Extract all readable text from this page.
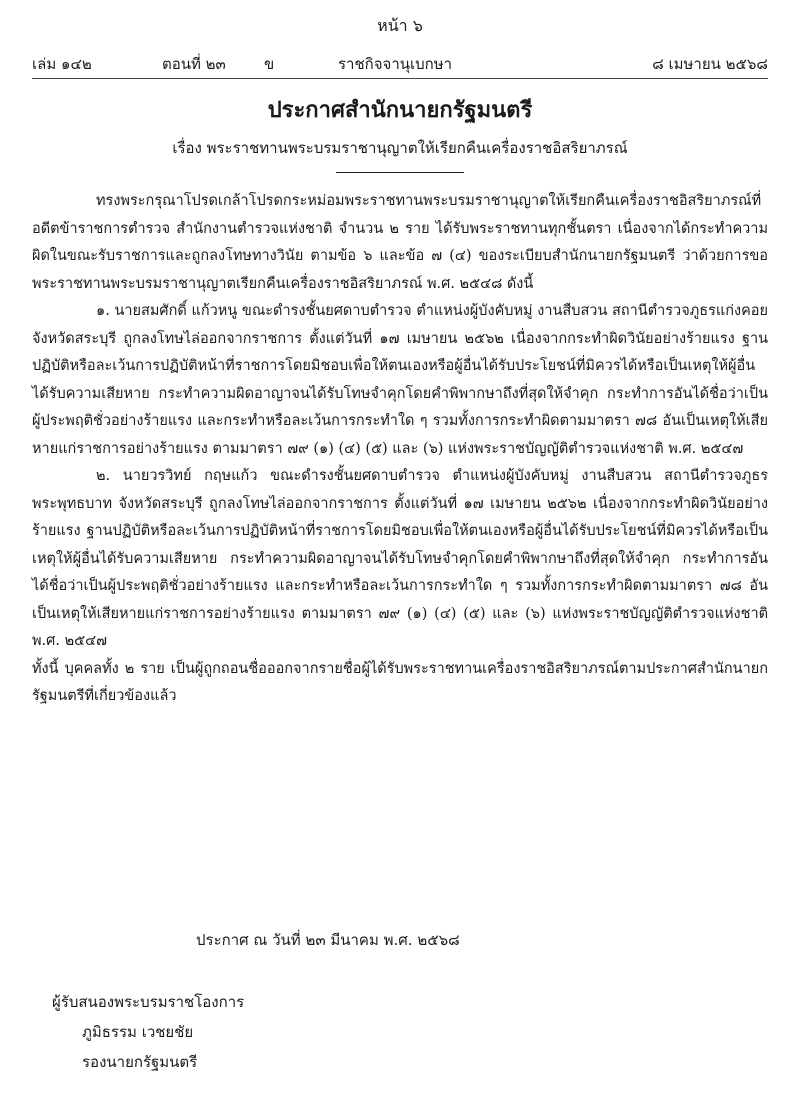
หน้า ๖
เล่ม ๑๔๒	ตอนที่ ๒๓	ข	ราชกิจจานุเบกษา	๘ เมษายน ๒๕๖๘
ประกาศสำนักนายกรัฐมนตรี
เรื่อง พระราชทานพระบรมราชานุญาตให้เรียกคืนเครื่องราชอิสริยาภรณ์

ทรงพระกรุณาโปรดเกล้าโปรดกระหม่อมพระราชทานพระบรมราชานุญาตให้เรียกคืนเครื่องราชอิสริยาภรณ์ที่อดีตข้าราชการตำรวจ สำนักงานตำรวจแห่งชาติ จำนวน ๒ ราย ได้รับพระราชทานทุกชั้นตรา เนื่องจากได้กระทำความผิดในขณะรับราชการและถูกลงโทษทางวินัย ตามข้อ ๖ และข้อ ๗ (๔) ของระเบียบสำนักนายกรัฐมนตรี ว่าด้วยการขอพระราชทานพระบรมราชานุญาตเรียกคืนเครื่องราชอิสริยาภรณ์ พ.ศ. ๒๕๔๘ ดังนี้

๑. นายสมศักดิ์ แก้วหนู ขณะดำรงชั้นยศดาบตำรวจ ตำแหน่งผู้บังคับหมู่ งานสืบสวน สถานีตำรวจภูธรแก่งคอย จังหวัดสระบุรี ถูกลงโทษไล่ออกจากราชการ ตั้งแต่วันที่ ๑๗ เมษายน ๒๕๖๒ เนื่องจากกระทำผิดวินัยอย่างร้ายแรง ฐานปฏิบัติหรือละเว้นการปฏิบัติหน้าที่ราชการโดยมิชอบเพื่อให้ตนเองหรือผู้อื่นได้รับประโยชน์ที่มิควรได้หรือเป็นเหตุให้ผู้อื่นได้รับความเสียหาย กระทำความผิดอาญาจนได้รับโทษจำคุกโดยคำพิพากษาถึงที่สุดให้จำคุก กระทำการอันได้ชื่อว่าเป็นผู้ประพฤติชั่วอย่างร้ายแรง และกระทำหรือละเว้นการกระทำใด ๆ รวมทั้งการกระทำผิดตามมาตรา ๗๘ อันเป็นเหตุให้เสียหายแก่ราชการอย่างร้ายแรง ตามมาตรา ๗๙ (๑) (๔) (๕) และ (๖) แห่งพระราชบัญญัติตำรวจแห่งชาติ พ.ศ. ๒๕๔๗

๒. นายวรวิทย์ กฤษแก้ว ขณะดำรงชั้นยศดาบตำรวจ ตำแหน่งผู้บังคับหมู่ งานสืบสวน สถานีตำรวจภูธรพระพุทธบาท จังหวัดสระบุรี ถูกลงโทษไล่ออกจากราชการ ตั้งแต่วันที่ ๑๗ เมษายน ๒๕๖๒ เนื่องจากกระทำผิดวินัยอย่างร้ายแรง ฐานปฏิบัติหรือละเว้นการปฏิบัติหน้าที่ราชการโดยมิชอบเพื่อให้ตนเองหรือผู้อื่นได้รับประโยชน์ที่มิควรได้หรือเป็นเหตุให้ผู้อื่นได้รับความเสียหาย กระทำความผิดอาญาจนได้รับโทษจำคุกโดยคำพิพากษาถึงที่สุดให้จำคุก กระทำการอันได้ชื่อว่าเป็นผู้ประพฤติชั่วอย่างร้ายแรง และกระทำหรือละเว้นการกระทำใด ๆ รวมทั้งการกระทำผิดตามมาตรา ๗๘ อันเป็นเหตุให้เสียหายแก่ราชการอย่างร้ายแรง ตามมาตรา ๗๙ (๑) (๔) (๕) และ (๖) แห่งพระราชบัญญัติตำรวจแห่งชาติ พ.ศ. ๒๕๔๗

ทั้งนี้ บุคคลทั้ง ๒ ราย เป็นผู้ถูกถอนชื่อออกจากรายชื่อผู้ได้รับพระราชทานเครื่องราชอิสริยาภรณ์ตามประกาศสำนักนายกรัฐมนตรีที่เกี่ยวข้องแล้ว

ประกาศ ณ วันที่ ๒๓ มีนาคม พ.ศ. ๒๕๖๘
ผู้รับสนองพระบรมราชโองการ
ภูมิธรรม เวชยชัย
รองนายกรัฐมนตรี
